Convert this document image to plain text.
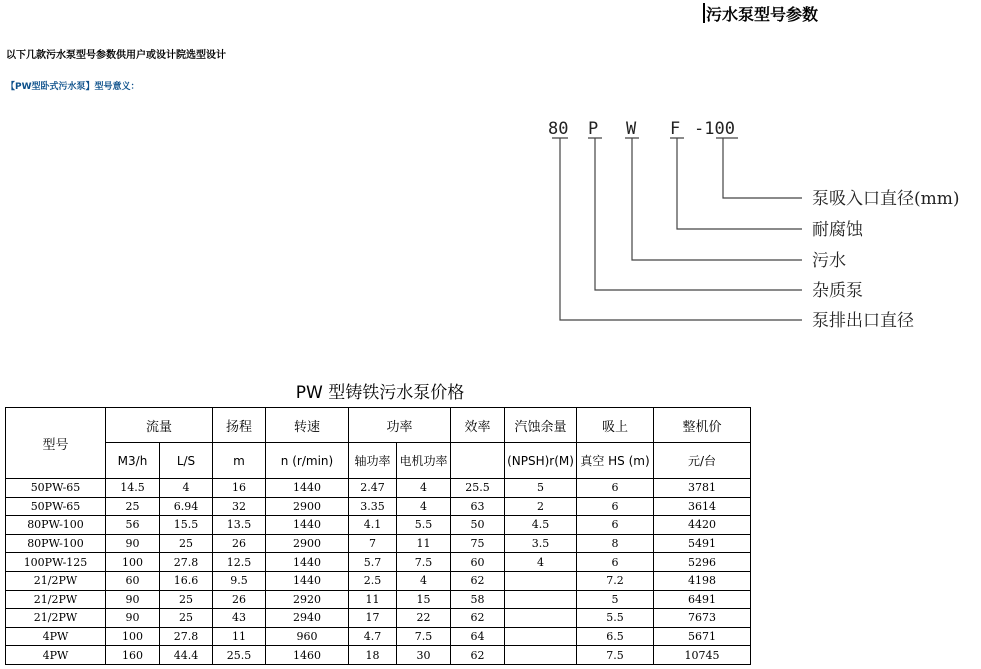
污水泵型号参数
以下几款污水泵型号参数供用户或设计院选型设计
【PW型卧式污水泵】型号意义：
80 P W F -100
泵吸入口直径(mm)
耐腐蚀
污水
杂质泵
泵排出口直径
PW 型铸铁污水泵价格
型号	流量		扬程	转速	功率		效率	汽蚀余量	吸上	整机价
	M3/h	L/S	m	n (r/min)	轴功率	电机功率		(NPSH)r(M)	真空 HS (m)	元/台
50PW-65	14.5	4	16	1440	2.47	4	25.5	5	6	3781
50PW-65	25	6.94	32	2900	3.35	4	63	2	6	3614
80PW-100	56	15.5	13.5	1440	4.1	5.5	50	4.5	6	4420
80PW-100	90	25	26	2900	7	11	75	3.5	8	5491
100PW-125	100	27.8	12.5	1440	5.7	7.5	60	4	6	5296
21/2PW	60	16.6	9.5	1440	2.5	4	62		7.2	4198
21/2PW	90	25	26	2920	11	15	58		5	6491
21/2PW	90	25	43	2940	17	22	62		5.5	7673
4PW	100	27.8	11	960	4.7	7.5	64		6.5	5671
4PW	160	44.4	25.5	1460	18	30	62		7.5	10745
